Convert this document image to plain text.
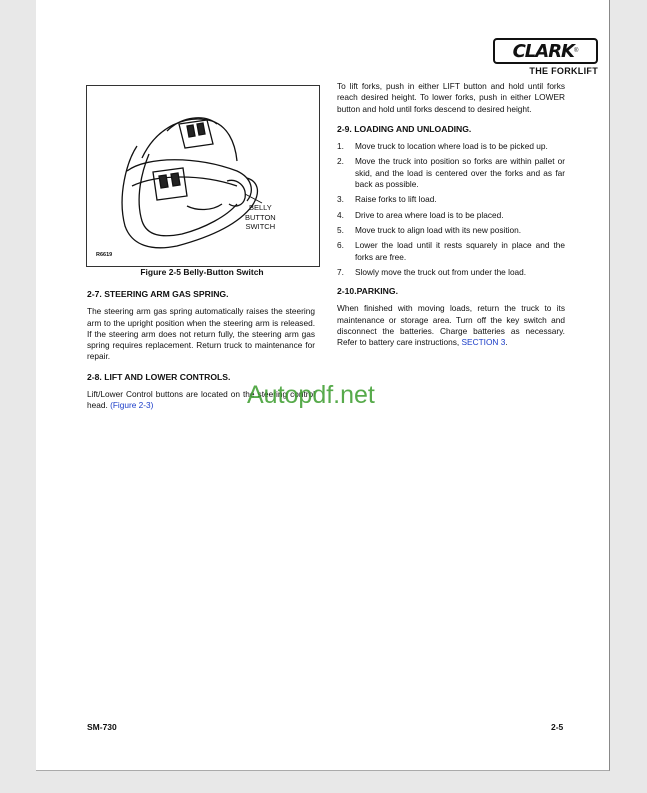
CLARK ®
THE FORKLIFT
BELLY
BUTTON
SWITCH
R6619
Figure 2-5 Belly-Button Switch
2-7. STEERING ARM GAS SPRING.

The steering arm gas spring automatically raises the steering arm to the upright position when the steering arm is released. If the steering arm does not return fully, the steering arm gas spring requires replacement. Return truck to maintenance for repair.

2-8. LIFT AND LOWER CONTROLS.

Lift/Lower Control buttons are located on the steering control head. (Figure 2-3)

To lift forks, push in either LIFT button and hold until forks reach desired height. To lower forks, push in either LOWER button and hold until forks descend to desired height.

2-9. LOADING AND UNLOADING.
1.	Move truck to location where load is to be picked up.
2.	Move the truck into position so forks are within pallet or skid, and the load is centered over the forks and as far back as possible.
3.	Raise forks to lift load.
4.	Drive to area where load is to be placed.
5.	Move truck to align load with its new position.
6.	Lower the load until it rests squarely in place and the forks are free.
7.	Slowly move the truck out from under the load.
2-10.PARKING.

When finished with moving loads, return the truck to its maintenance or storage area. Turn off the key switch and disconnect the batteries. Charge batteries as necessary. Refer to battery care instructions, SECTION 3.

SM-730	2-5
Autopdf.net
